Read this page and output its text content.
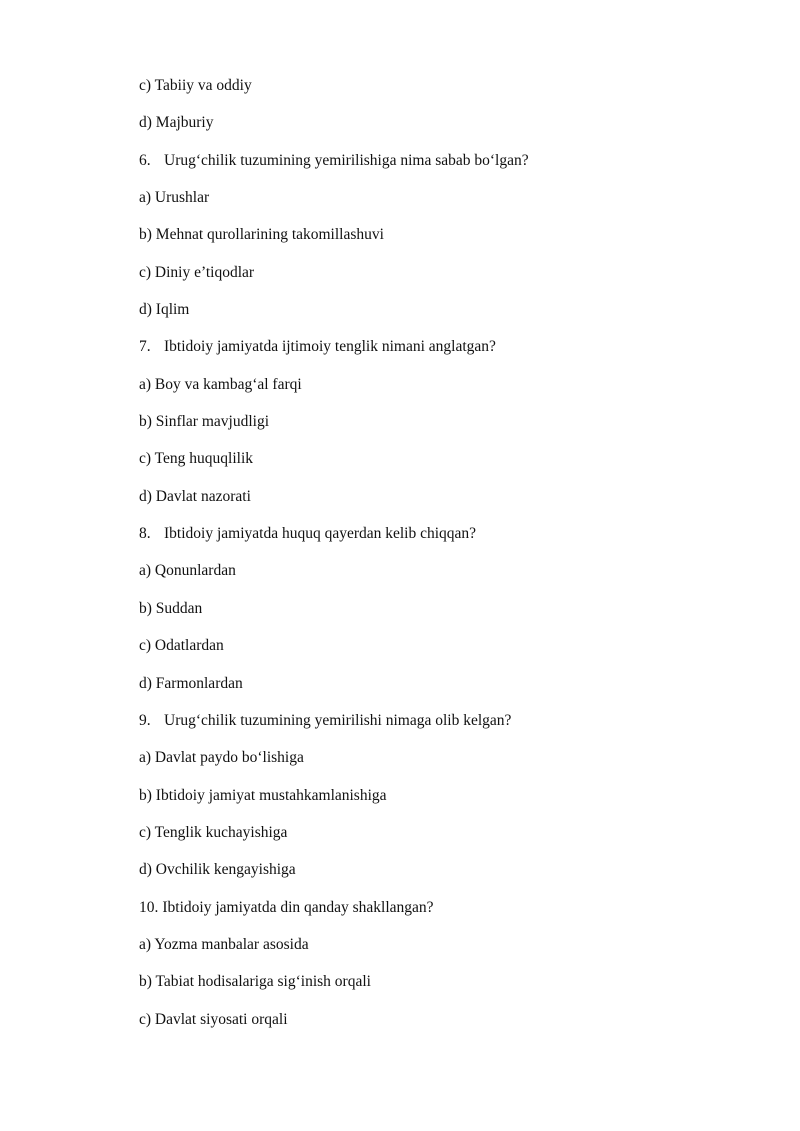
c) Tabiiy va oddiy
d) Majburiy
6. Urug‘chilik tuzumining yemirilishiga nima sabab bo‘lgan?
a) Urushlar
b) Mehnat qurollarining takomillashuvi
c) Diniy e’tiqodlar
d) Iqlim
7. Ibtidoiy jamiyatda ijtimoiy tenglik nimani anglatgan?
a) Boy va kambag‘al farqi
b) Sinflar mavjudligi
c) Teng huquqlilik
d) Davlat nazorati
8. Ibtidoiy jamiyatda huquq qayerdan kelib chiqqan?
a) Qonunlardan
b) Suddan
c) Odatlardan
d) Farmonlardan
9. Urug‘chilik tuzumining yemirilishi nimaga olib kelgan?
a) Davlat paydo bo‘lishiga
b) Ibtidoiy jamiyat mustahkamlanishiga
c) Tenglik kuchayishiga
d) Ovchilik kengayishiga
10. Ibtidoiy jamiyatda din qanday shakllangan?
a) Yozma manbalar asosida
b) Tabiat hodisalariga sig‘inish orqali
c) Davlat siyosati orqali
